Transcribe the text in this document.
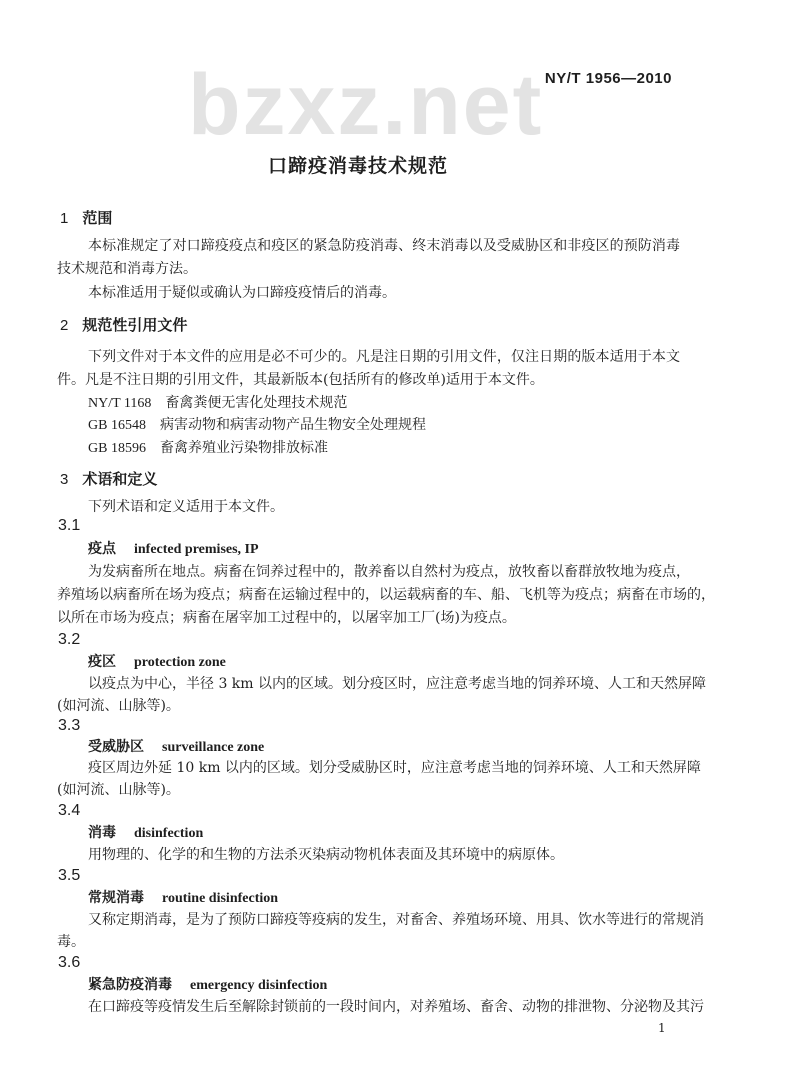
bzxz.net NY/T 1956—2010
口蹄疫消毒技术规范
1 范围
本标准规定了对口蹄疫疫点和疫区的紧急防疫消毒、终末消毒以及受威胁区和非疫区的预防消毒
技术规范和消毒方法。
本标准适用于疑似或确认为口蹄疫疫情后的消毒。
2 规范性引用文件
下列文件对于本文件的应用是必不可少的。凡是注日期的引用文件，仅注日期的版本适用于本文
件。凡是不注日期的引用文件，其最新版本(包括所有的修改单)适用于本文件。
NY/T 1168 畜禽粪便无害化处理技术规范
GB 16548 病害动物和病害动物产品生物安全处理规程
GB 18596 畜禽养殖业污染物排放标准
3 术语和定义
下列术语和定义适用于本文件。
3.1
疫点 infected premises, IP
为发病畜所在地点。病畜在饲养过程中的，散养畜以自然村为疫点，放牧畜以畜群放牧地为疫点，
养殖场以病畜所在场为疫点；病畜在运输过程中的，以运载病畜的车、船、飞机等为疫点；病畜在市场的，
以所在市场为疫点；病畜在屠宰加工过程中的，以屠宰加工厂(场)为疫点。
3.2
疫区 protection zone
以疫点为中心，半径 3 km 以内的区域。划分疫区时，应注意考虑当地的饲养环境、人工和天然屏障
(如河流、山脉等)。
3.3
受威胁区 surveillance zone
疫区周边外延 10 km 以内的区域。划分受威胁区时，应注意考虑当地的饲养环境、人工和天然屏障
(如河流、山脉等)。
3.4
消毒 disinfection
用物理的、化学的和生物的方法杀灭染病动物机体表面及其环境中的病原体。
3.5
常规消毒 routine disinfection
又称定期消毒，是为了预防口蹄疫等疫病的发生，对畜舍、养殖场环境、用具、饮水等进行的常规消
毒。
3.6
紧急防疫消毒 emergency disinfection
在口蹄疫等疫情发生后至解除封锁前的一段时间内，对养殖场、畜舍、动物的排泄物、分泌物及其污
1
